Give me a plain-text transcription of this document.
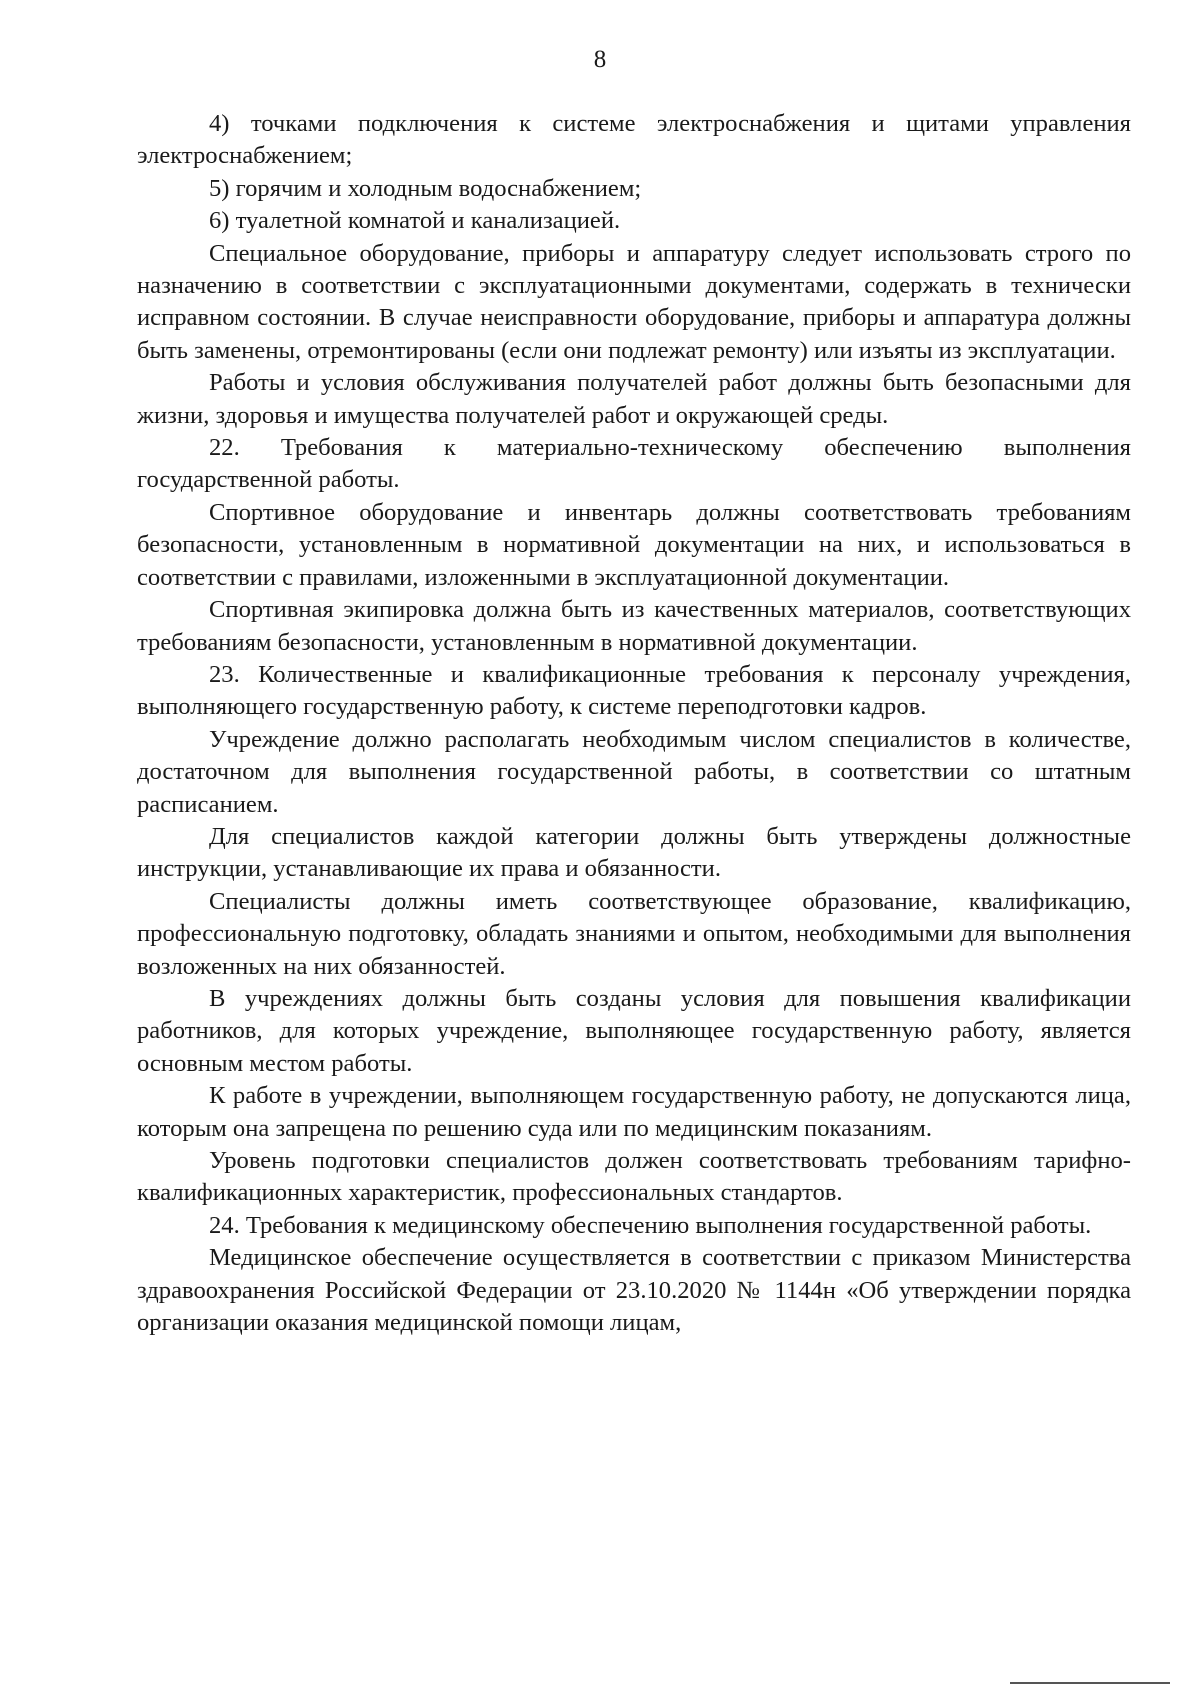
8

4) точками подключения к системе электроснабжения и щитами управления электроснабжением;

5) горячим и холодным водоснабжением;

6) туалетной комнатой и канализацией.

Специальное оборудование, приборы и аппаратуру следует использовать строго по назначению в соответствии с эксплуатационными документами, содержать в технически исправном состоянии. В случае неисправности оборудование, приборы и аппаратура должны быть заменены, отремонтированы (если они подлежат ремонту) или изъяты из эксплуатации.

Работы и условия обслуживания получателей работ должны быть безопасными для жизни, здоровья и имущества получателей работ и окружающей среды.

22. Требования к материально-техническому обеспечению выполнения государственной работы.

Спортивное оборудование и инвентарь должны соответствовать требованиям безопасности, установленным в нормативной документации на них, и использоваться в соответствии с правилами, изложенными в эксплуатационной документации.

Спортивная экипировка должна быть из качественных материалов, соответствующих требованиям безопасности, установленным в нормативной документации.

23. Количественные и квалификационные требования к персоналу учреждения, выполняющего государственную работу, к системе переподготовки кадров.

Учреждение должно располагать необходимым числом специалистов в количестве, достаточном для выполнения государственной работы, в соответствии со штатным расписанием.

Для специалистов каждой категории должны быть утверждены должностные инструкции, устанавливающие их права и обязанности.

Специалисты должны иметь соответствующее образование, квалификацию, профессиональную подготовку, обладать знаниями и опытом, необходимыми для выполнения возложенных на них обязанностей.

В учреждениях должны быть созданы условия для повышения квалификации работников, для которых учреждение, выполняющее государственную работу, является основным местом работы.

К работе в учреждении, выполняющем государственную работу, не допускаются лица, которым она запрещена по решению суда или по медицинским показаниям.

Уровень подготовки специалистов должен соответствовать требованиям тарифно-квалификационных характеристик, профессиональных стандартов.

24. Требования к медицинскому обеспечению выполнения государственной работы.

Медицинское обеспечение осуществляется в соответствии с приказом Министерства здравоохранения Российской Федерации от 23.10.2020 № 1144н «Об утверждении порядка организации оказания медицинской помощи лицам,
